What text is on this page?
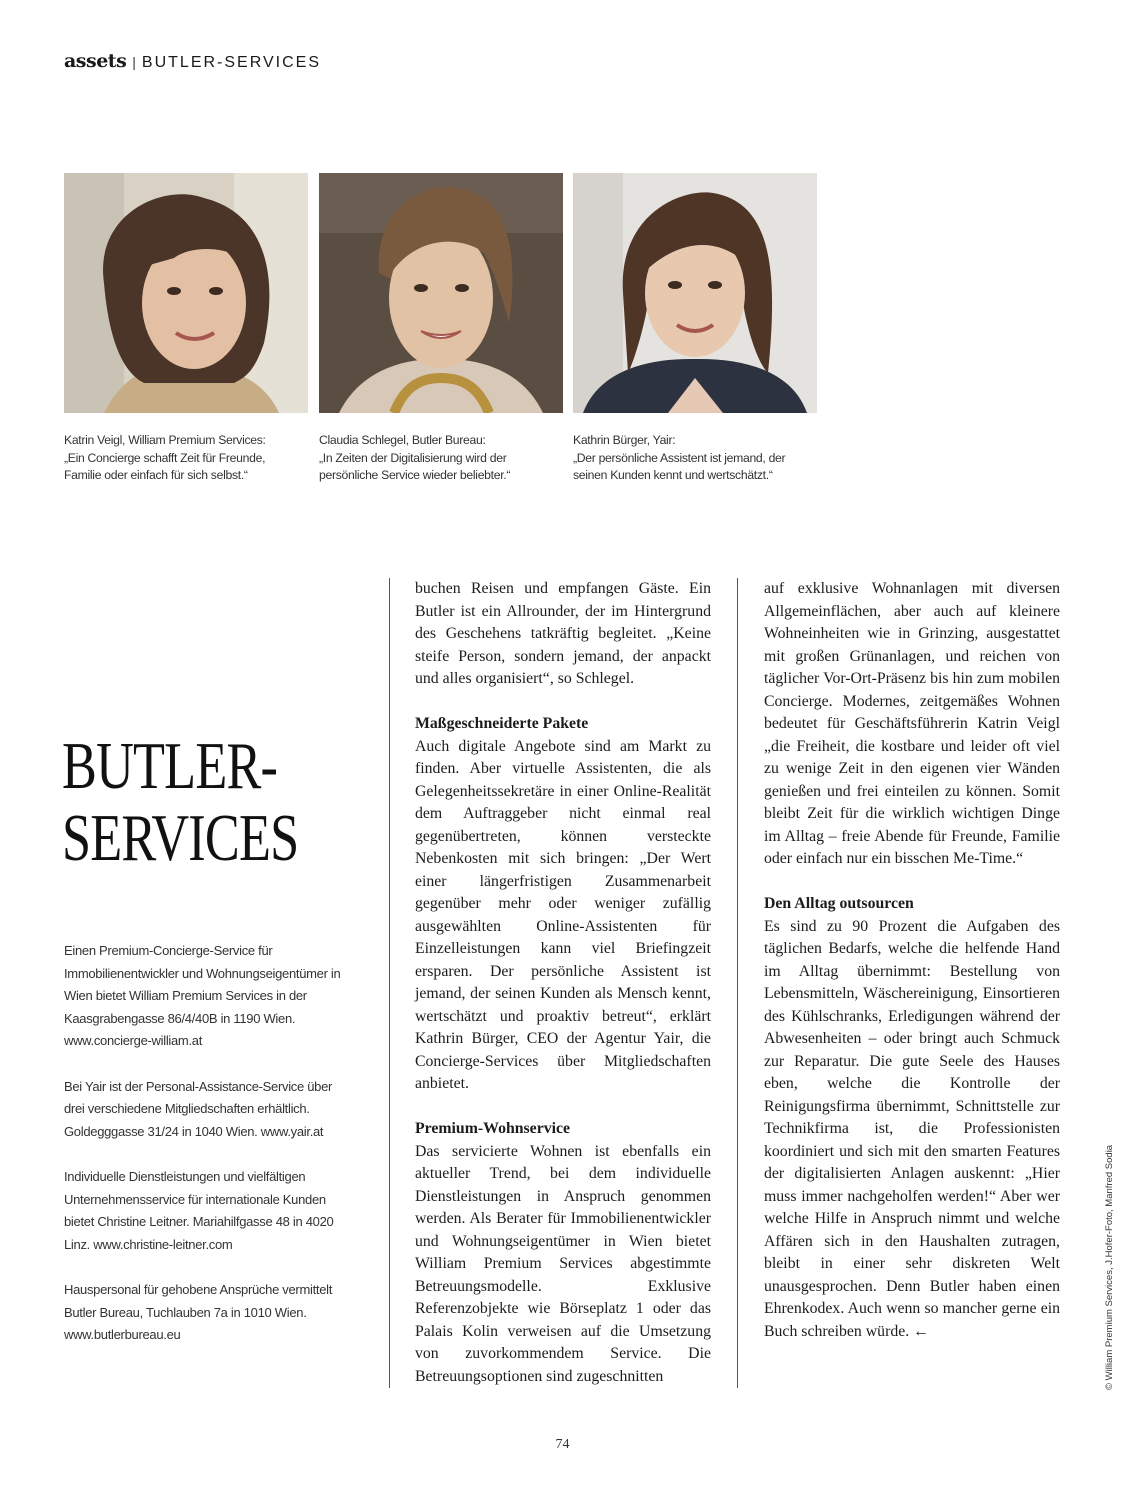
assets | BUTLER-SERVICES

Katrin Veigl, William Premium Services:

„Ein Concierge schafft Zeit für Freunde, Familie oder einfach für sich selbst.“

Claudia Schlegel, Butler Bureau:

„In Zeiten der Digitalisierung wird der persönliche Service wieder beliebter.“

Kathrin Bürger, Yair:

„Der persönliche Assistent ist jemand, der seinen Kunden kennt und wertschätzt.“

BUTLER-
SERVICES

Einen Premium-Concierge-Service für Immobilienentwickler und Wohnungseigentümer in Wien bietet William Premium Services in der Kaasgrabengasse 86/4/40B in 1190 Wien. www.concierge-william.at

Bei Yair ist der Personal-Assistance-Service über drei verschiedene Mitgliedschaften erhältlich. Goldegggasse 31/24 in 1040 Wien. www.yair.at

Individuelle Dienstleistungen und vielfältigen Unternehmensservice für internationale Kunden bietet Christine Leitner. Mariahilfgasse 48 in 4020 Linz. www.christine-leitner.com

Hauspersonal für gehobene Ansprüche vermittelt Butler Bureau, Tuchlauben 7a in 1010 Wien. www.butlerbureau.eu

buchen Reisen und empfangen Gäste. Ein Butler ist ein Allrounder, der im Hintergrund des Geschehens tatkräftig begleitet. „Keine steife Person, sondern jemand, der anpackt und alles organisiert“, so Schlegel.

Maßgeschneiderte Pakete

Auch digitale Angebote sind am Markt zu finden. Aber virtuelle Assistenten, die als Gelegenheitssekretäre in einer Online-Realität dem Auftraggeber nicht einmal real gegenübertreten, können versteckte Nebenkosten mit sich bringen: „Der Wert einer längerfristigen Zusammenarbeit gegenüber mehr oder weniger zufällig ausgewählten Online-Assistenten für Einzelleistungen kann viel Briefingzeit ersparen. Der persönliche Assistent ist jemand, der seinen Kunden als Mensch kennt, wertschätzt und proaktiv betreut“, erklärt Kathrin Bürger, CEO der Agentur Yair, die Concierge-Services über Mitgliedschaften anbietet.

Premium-Wohnservice

Das servicierte Wohnen ist ebenfalls ein aktueller Trend, bei dem individuelle Dienstleistungen in Anspruch genommen werden. Als Berater für Immobilienentwickler und Wohnungseigentümer in Wien bietet William Premium Services abgestimmte Betreuungsmodelle. Exklusive Referenzobjekte wie Börseplatz 1 oder das Palais Kolin verweisen auf die Umsetzung von zuvorkommendem Service. Die Betreuungsoptionen sind zugeschnitten

auf exklusive Wohnanlagen mit diversen Allgemeinflächen, aber auch auf kleinere Wohneinheiten wie in Grinzing, ausgestattet mit großen Grünanlagen, und reichen von täglicher Vor-Ort-Präsenz bis hin zum mobilen Concierge. Modernes, zeitgemäßes Wohnen bedeutet für Geschäftsführerin Katrin Veigl „die Freiheit, die kostbare und leider oft viel zu wenige Zeit in den eigenen vier Wänden genießen und frei einteilen zu können. Somit bleibt Zeit für die wirklich wichtigen Dinge im Alltag – freie Abende für Freunde, Familie oder einfach nur ein bisschen Me-Time.“

Den Alltag outsourcen

Es sind zu 90 Prozent die Aufgaben des täglichen Bedarfs, welche die helfende Hand im Alltag übernimmt: Bestellung von Lebensmitteln, Wäschereinigung, Einsortieren des Kühlschranks, Erledigungen während der Abwesenheiten – oder bringt auch Schmuck zur Reparatur. Die gute Seele des Hauses eben, welche die Kontrolle der Reinigungsfirma übernimmt, Schnittstelle zur Technikfirma ist, die Professionisten koordiniert und sich mit den smarten Features der digitalisierten Anlagen auskennt: „Hier muss immer nachgeholfen werden!“ Aber wer welche Hilfe in Anspruch nimmt und welche Affären sich in den Haushalten zutragen, bleibt in einer sehr diskreten Welt unausgesprochen. Denn Butler haben einen Ehrenkodex. Auch wenn so mancher gerne ein Buch schreiben würde. ←

74
© William Premium Services, J.Hofer-Foto, Manfred Sodia
